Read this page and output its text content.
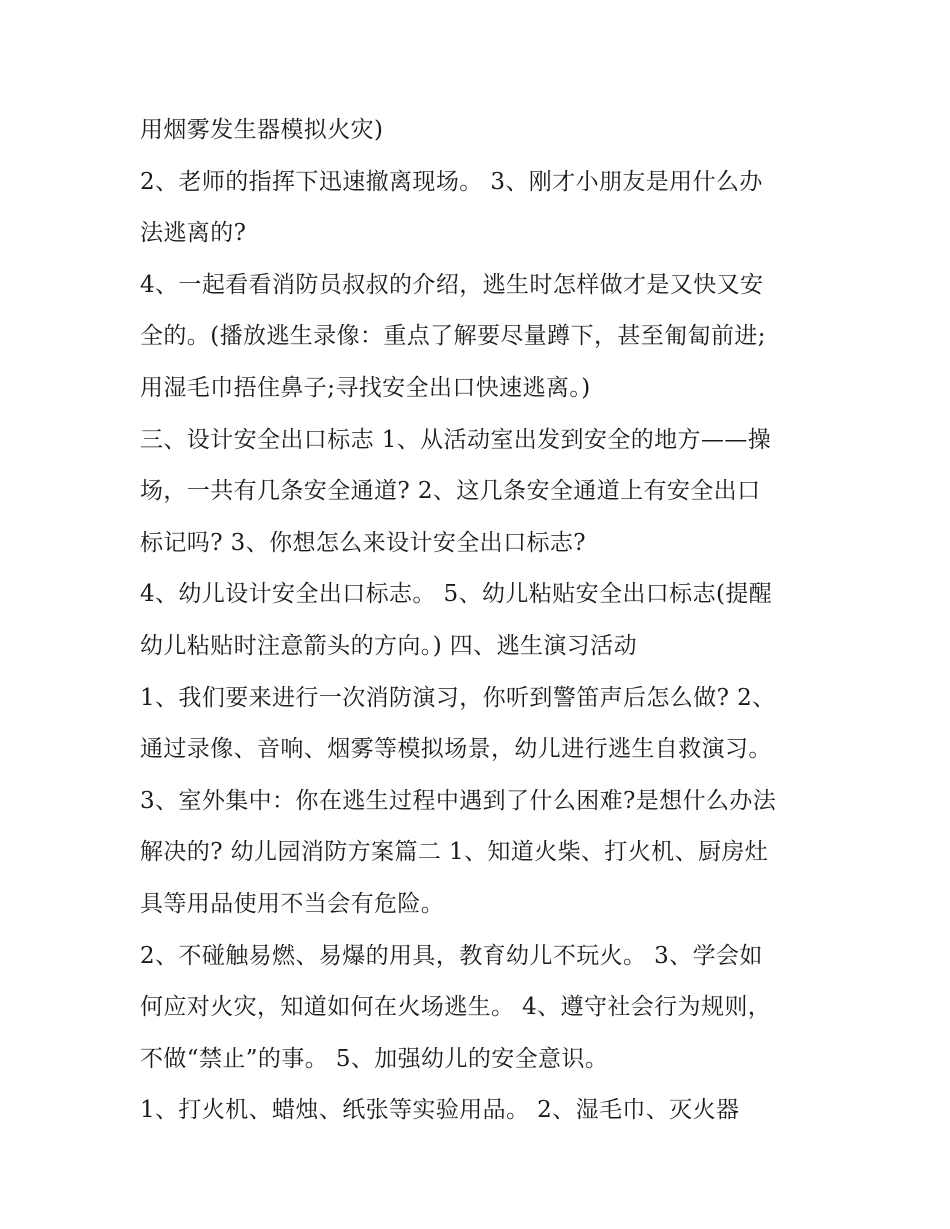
用烟雾发生器模拟火灾)
2、老师的指挥下迅速撤离现场。 3、刚才小朋友是用什么办
法逃离的?
4、一起看看消防员叔叔的介绍，逃生时怎样做才是又快又安
全的。(播放逃生录像：重点了解要尽量蹲下，甚至匍匐前进;
用湿毛巾捂住鼻子;寻找安全出口快速逃离。)
三、设计安全出口标志 1、从活动室出发到安全的地方——操
场，一共有几条安全通道? 2、这几条安全通道上有安全出口
标记吗? 3、你想怎么来设计安全出口标志?
4、幼儿设计安全出口标志。 5、幼儿粘贴安全出口标志(提醒
幼儿粘贴时注意箭头的方向。) 四、逃生演习活动
1、我们要来进行一次消防演习，你听到警笛声后怎么做? 2、
通过录像、音响、烟雾等模拟场景，幼儿进行逃生自救演习。
3、室外集中：你在逃生过程中遇到了什么困难?是想什么办法
解决的? 幼儿园消防方案篇二 1、知道火柴、打火机、厨房灶
具等用品使用不当会有危险。
2、不碰触易燃、易爆的用具，教育幼儿不玩火。 3、学会如
何应对火灾，知道如何在火场逃生。 4、遵守社会行为规则，
不做“禁止”的事。 5、加强幼儿的安全意识。
1、打火机、蜡烛、纸张等实验用品。 2、湿毛巾、灭火器
